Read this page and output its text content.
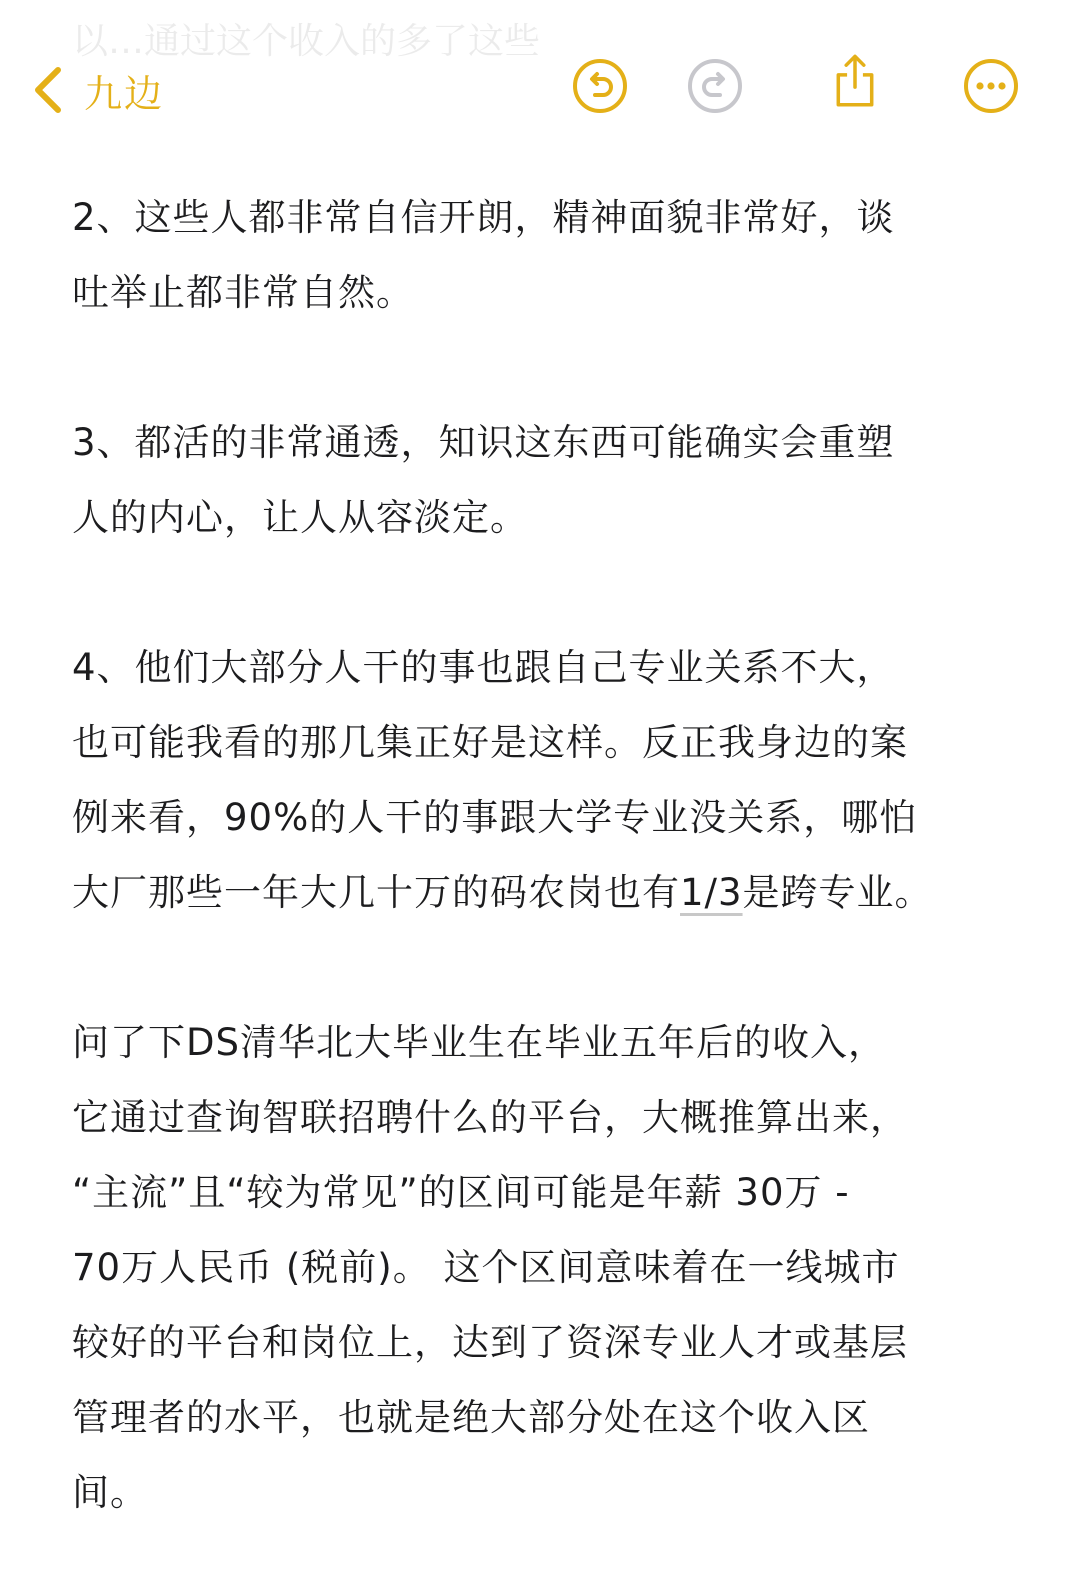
以…通过这个收入的多了这些
九边

2、这些人都非常自信开朗，精神面貌非常好，谈
吐举止都非常自然。

3、都活的非常通透，知识这东西可能确实会重塑
人的内心，让人从容淡定。

4、他们大部分人干的事也跟自己专业关系不大，
也可能我看的那几集正好是这样。反正我身边的案
例来看，90%的人干的事跟大学专业没关系，哪怕
大厂那些一年大几十万的码农岗也有1/3是跨专业。

问了下DS清华北大毕业生在毕业五年后的收入，
它通过查询智联招聘什么的平台，大概推算出来，
“主流”且“较为常见”的区间可能是年薪 30万 -
70万人民币 (税前)。 这个区间意味着在一线城市
较好的平台和岗位上，达到了资深专业人才或基层
管理者的水平，也就是绝大部分处在这个收入区
间。
